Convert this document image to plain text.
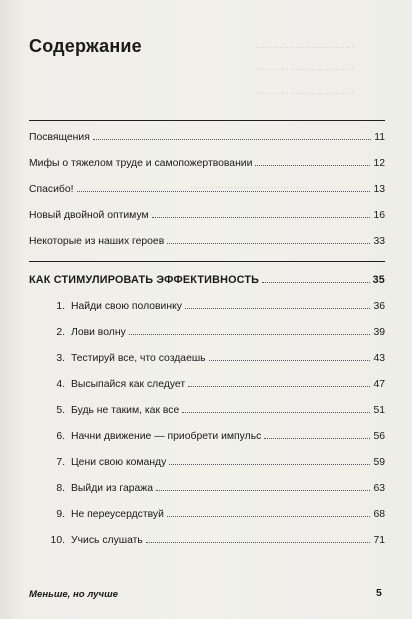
‥‥‥‥‥‥‥‥‥‥‥‥‥‥‥‥
‥‥‥‥‥‥‥‥‥‥‥‥‥‥‥‥
‥‥‥‥‥‥‥‥‥‥‥‥‥‥‥‥
‥‥‥‥‥‥‥‥‥‥‥‥‥‥‥‥‥‥‥
Содержание
Посвящения	11
Мифы о тяжелом труде и самопожертвовании	12
Спасибо!	13
Новый двойной оптимум	16
Некоторые из наших героев	33
КАК СТИМУЛИРОВАТЬ ЭФФЕКТИВНОСТЬ	35
1. Найди свою половинку	36
2. Лови волну	39
3. Тестируй все, что создаешь	43
4. Высыпайся как следует	47
5. Будь не таким, как все	51
6. Начни движение — приобрети импульс	56
7. Цени свою команду	59
8. Выйди из гаража	63
9. Не переусердствуй	68
10. Учись слушать	71
Меньше, но лучше	5
